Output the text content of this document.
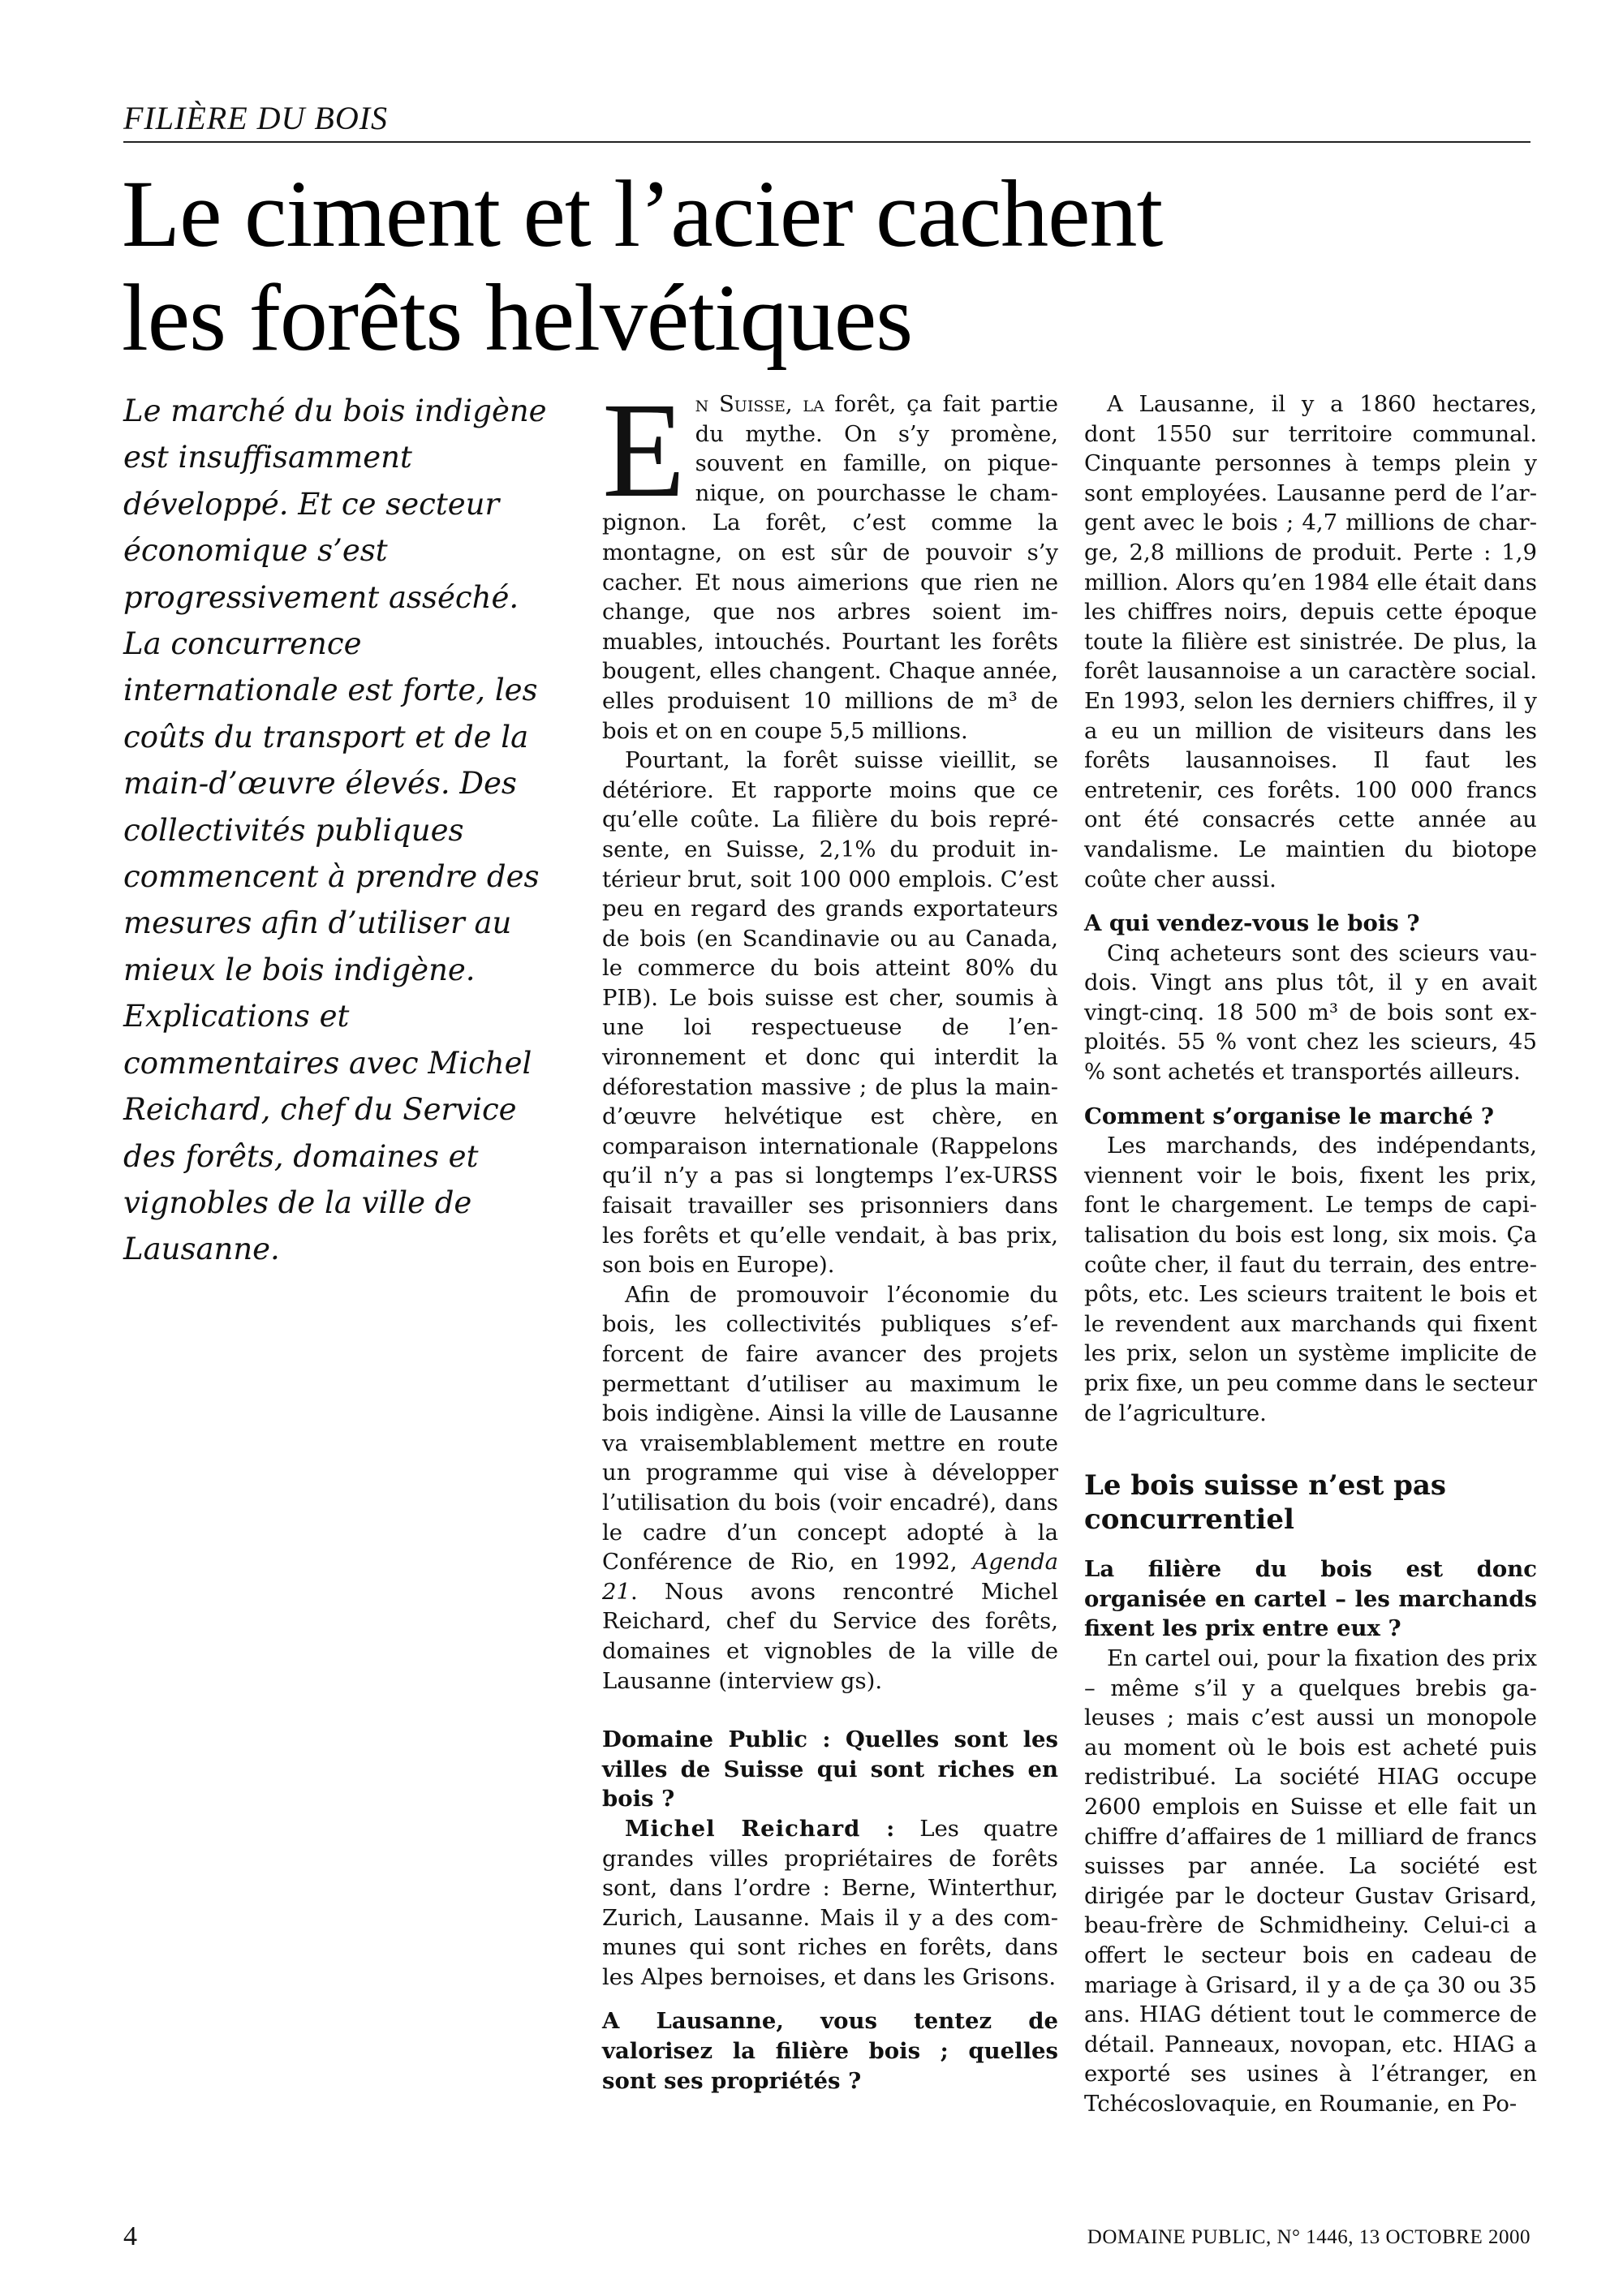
FILIÈRE DU BOIS
Le ciment et l’acier cachent
les forêts helvétiques

Le marché du bois indigène est insuffisamment développé. Et ce secteur économique s’est progressivement asséché. La concurrence internationale est forte, les coûts du transport et de la main-d’œuvre élevés. Des collectivités publiques commencent à prendre des mesures afin d’utiliser au mieux le bois indigène. Explications et commentaires avec Michel Reichard, chef du Service des forêts, domaines et vignobles de la ville de Lausanne.

En Suisse, la forêt, ça fait partie du mythe. On s’y promène, souvent en famille, on pique-nique, on pourchasse le champignon. La forêt, c’est comme la montagne, on est sûr de pouvoir s’y cacher. Et nous aimerions que rien ne change, que nos arbres soient immuables, intouchés. Pourtant les forêts bougent, elles changent. Chaque année, elles produisent 10 millions de m³ de bois et on en coupe 5,5 millions.

Pourtant, la forêt suisse vieillit, se détériore. Et rapporte moins que ce qu’elle coûte. La filière du bois représente, en Suisse, 2,1% du produit intérieur brut, soit 100 000 emplois. C’est peu en regard des grands exportateurs de bois (en Scandinavie ou au Canada, le commerce du bois atteint 80% du PIB). Le bois suisse est cher, soumis à une loi respectueuse de l’environnement et donc qui interdit la déforestation massive ; de plus la main-d’œuvre helvétique est chère, en comparaison internationale (Rappelons qu’il n’y a pas si longtemps l’ex-URSS faisait travailler ses prisonniers dans les forêts et qu’elle vendait, à bas prix, son bois en Europe).

Afin de promouvoir l’économie du bois, les collectivités publiques s’efforcent de faire avancer des projets permettant d’utiliser au maximum le bois indigène. Ainsi la ville de Lausanne va vraisemblablement mettre en route un programme qui vise à développer l’utilisation du bois (voir encadré), dans le cadre d’un concept adopté à la Conférence de Rio, en 1992, Agenda 21. Nous avons rencontré Michel Reichard, chef du Service des forêts, domaines et vignobles de la ville de Lausanne (interview gs).

Domaine Public : Quelles sont les villes de Suisse qui sont riches en bois ?

Michel Reichard : Les quatre grandes villes propriétaires de forêts sont, dans l’ordre : Berne, Winterthur, Zurich, Lausanne. Mais il y a des communes qui sont riches en forêts, dans les Alpes bernoises, et dans les Grisons.

A Lausanne, vous tentez de valorisez la filière bois ; quelles sont ses propriétés ?

A Lausanne, il y a 1860 hectares, dont 1550 sur territoire communal. Cinquante personnes à temps plein y sont employées. Lausanne perd de l’argent avec le bois ; 4,7 millions de charge, 2,8 millions de produit. Perte : 1,9 million. Alors qu’en 1984 elle était dans les chiffres noirs, depuis cette époque toute la filière est sinistrée. De plus, la forêt lausannoise a un caractère social. En 1993, selon les derniers chiffres, il y a eu un million de visiteurs dans les forêts lausannoises. Il faut les entretenir, ces forêts. 100 000 francs ont été consacrés cette année au vandalisme. Le maintien du biotope coûte cher aussi.

A qui vendez-vous le bois ?

Cinq acheteurs sont des scieurs vaudois. Vingt ans plus tôt, il y en avait vingt-cinq. 18 500 m³ de bois sont exploités. 55 % vont chez les scieurs, 45 % sont achetés et transportés ailleurs.

Comment s’organise le marché ?

Les marchands, des indépendants, viennent voir le bois, fixent les prix, font le chargement. Le temps de capitalisation du bois est long, six mois. Ça coûte cher, il faut du terrain, des entrepôts, etc. Les scieurs traitent le bois et le revendent aux marchands qui fixent les prix, selon un système implicite de prix fixe, un peu comme dans le secteur de l’agriculture.

Le bois suisse n’est pas concurrentiel

La filière du bois est donc organisée en cartel – les marchands fixent les prix entre eux ?

En cartel oui, pour la fixation des prix – même s’il y a quelques brebis galeuses ; mais c’est aussi un monopole au moment où le bois est acheté puis redistribué. La société HIAG occupe 2600 emplois en Suisse et elle fait un chiffre d’affaires de 1 milliard de francs suisses par année. La société est dirigée par le docteur Gustav Grisard, beau-frère de Schmidheiny. Celui-ci a offert le secteur bois en cadeau de mariage à Grisard, il y a de ça 30 ou 35 ans. HIAG détient tout le commerce de détail. Panneaux, novopan, etc. HIAG a exporté ses usines à l’étranger, en Tchécoslovaquie, en Roumanie, en Po-

4	DOMAINE PUBLIC, N° 1446, 13 OCTOBRE 2000
